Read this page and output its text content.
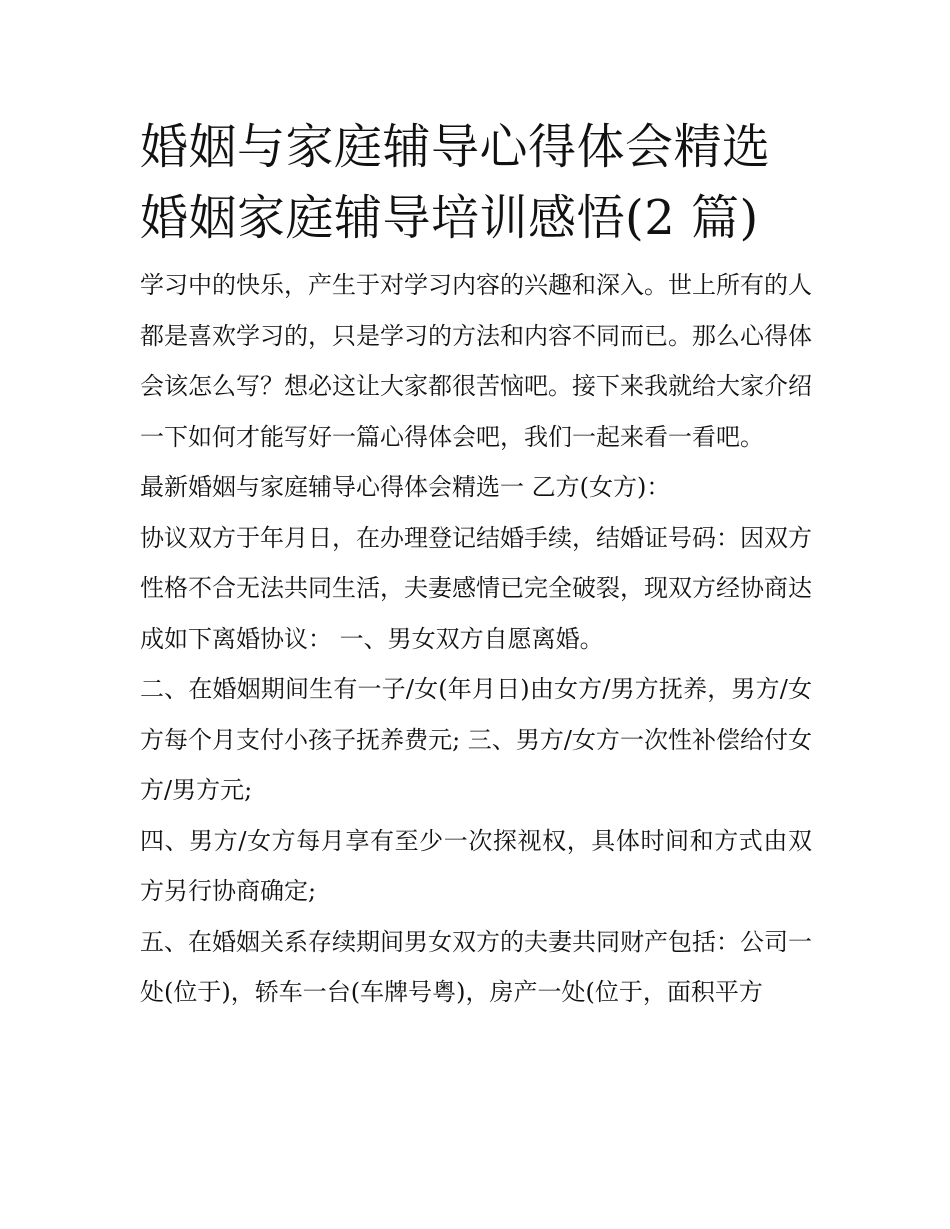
婚姻与家庭辅导心得体会精选
婚姻家庭辅导培训感悟(2 篇)

学习中的快乐，产生于对学习内容的兴趣和深入。世上所有的人都是喜欢学习的，只是学习的方法和内容不同而已。那么心得体会该怎么写？想必这让大家都很苦恼吧。接下来我就给大家介绍一下如何才能写好一篇心得体会吧，我们一起来看一看吧。

最新婚姻与家庭辅导心得体会精选一 乙方(女方)：

协议双方于年月日，在办理登记结婚手续，结婚证号码：因双方性格不合无法共同生活，夫妻感情已完全破裂，现双方经协商达成如下离婚协议： 一、男女双方自愿离婚。

二、在婚姻期间生有一子/女(年月日)由女方/男方抚养，男方/女方每个月支付小孩子抚养费元; 三、男方/女方一次性补偿给付女方/男方元;

四、男方/女方每月享有至少一次探视权，具体时间和方式由双方另行协商确定;

五、在婚姻关系存续期间男女双方的夫妻共同财产包括：公司一处(位于)，轿车一台(车牌号粤)，房产一处(位于，面积平方
